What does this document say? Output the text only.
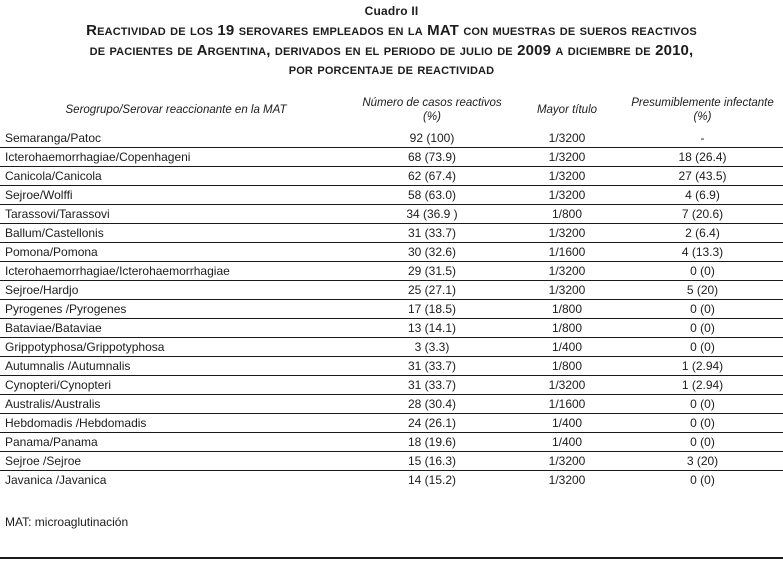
Cuadro II
Reactividad de los 19 serovares empleados en la MAT con muestras de sueros reactivos
de pacientes de Argentina, derivados en el periodo de julio de 2009 a diciembre de 2010,
por porcentaje de reactividad
Serogrupo/Serovar reaccionante en la MAT

Número de casos reactivos
(%)

Mayor título

Presumiblemente infectante
(%)

Semaranga/Patoc	92 (100)	1/3200	-
Icterohaemorrhagiae/Copenhageni	68 (73.9)	1/3200	18 (26.4)
Canicola/Canicola	62 (67.4)	1/3200	27 (43.5)
Sejroe/Wolffi	58 (63.0)	1/3200	4 (6.9)
Tarassovi/Tarassovi	34 (36.9 )	1/800	7 (20.6)
Ballum/Castellonis	31 (33.7)	1/3200	2 (6.4)
Pomona/Pomona	30 (32.6)	1/1600	4 (13.3)
Icterohaemorrhagiae/Icterohaemorrhagiae	29 (31.5)	1/3200	0 (0)
Sejroe/Hardjo	25 (27.1)	1/3200	5 (20)
Pyrogenes /Pyrogenes	17 (18.5)	1/800	0 (0)
Bataviae/Bataviae	13 (14.1)	1/800	0 (0)
Grippotyphosa/Grippotyphosa	3 (3.3)	1/400	0 (0)
Autumnalis /Autumnalis	31 (33.7)	1/800	1 (2.94)
Cynopteri/Cynopteri	31 (33.7)	1/3200	1 (2.94)
Australis/Australis	28 (30.4)	1/1600	0 (0)
Hebdomadis /Hebdomadis	24 (26.1)	1/400	0 (0)
Panama/Panama	18 (19.6)	1/400	0 (0)
Sejroe /Sejroe	15 (16.3)	1/3200	3 (20)
Javanica /Javanica	14 (15.2)	1/3200	0 (0)
MAT: microaglutinación
